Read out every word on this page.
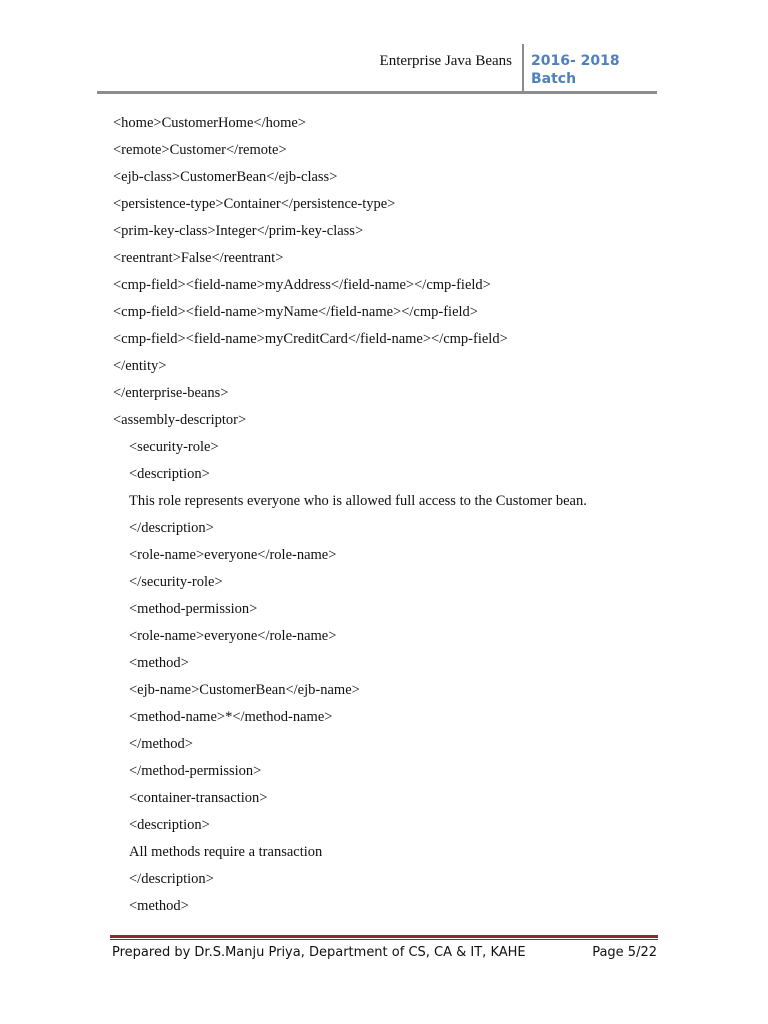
Enterprise Java Beans 2016- 2018
Batch
<home>CustomerHome</home>
<remote>Customer</remote>
<ejb-class>CustomerBean</ejb-class>
<persistence-type>Container</persistence-type>
<prim-key-class>Integer</prim-key-class>
<reentrant>False</reentrant>
<cmp-field><field-name>myAddress</field-name></cmp-field>
<cmp-field><field-name>myName</field-name></cmp-field>
<cmp-field><field-name>myCreditCard</field-name></cmp-field>
</entity>
</enterprise-beans>
<assembly-descriptor>
<security-role>
<description>
This role represents everyone who is allowed full access to the Customer bean.
</description>
<role-name>everyone</role-name>
</security-role>
<method-permission>
<role-name>everyone</role-name>
<method>
<ejb-name>CustomerBean</ejb-name>
<method-name>*</method-name>
</method>
</method-permission>
<container-transaction>
<description>
All methods require a transaction
</description>
<method>
Prepared by Dr.S.Manju Priya, Department of CS, CA & IT, KAHE	Page 5/22
